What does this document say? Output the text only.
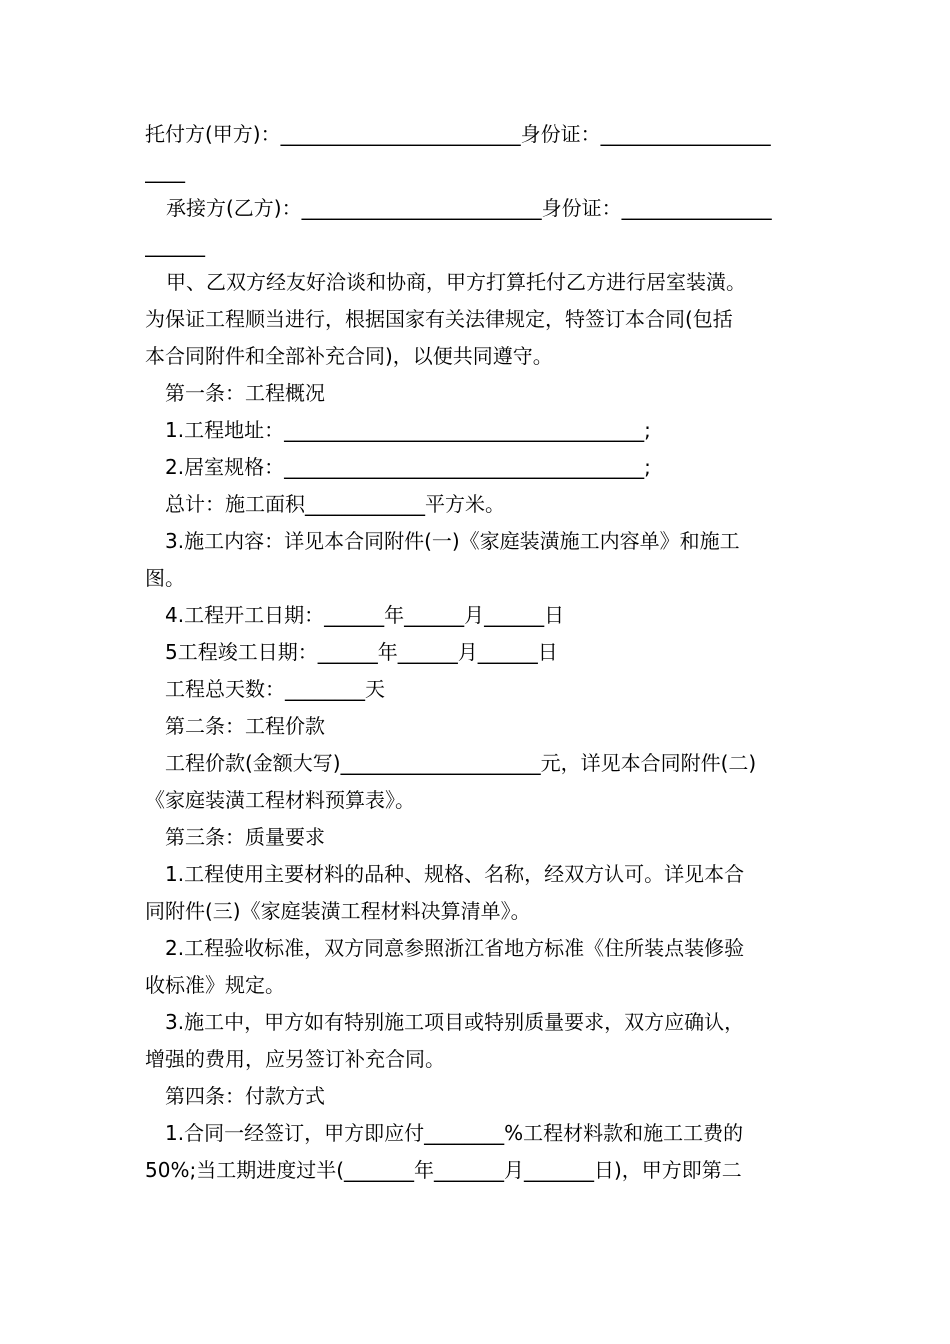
托付方(甲方)：________________________身份证：_________________
____
承接方(乙方)：________________________身份证：_______________
______
甲、乙双方经友好洽谈和协商，甲方打算托付乙方进行居室装潢。
为保证工程顺当进行，根据国家有关法律规定，特签订本合同(包括
本合同附件和全部补充合同)，以便共同遵守。
第一条：工程概况
1.工程地址：____________________________________;
2.居室规格：____________________________________;
总计：施工面积____________平方米。
3.施工内容：详见本合同附件(一)《家庭装潢施工内容单》和施工
图。
4.工程开工日期：______年______月______日
5工程竣工日期：______年______月______日
工程总天数：________天
第二条：工程价款
工程价款(金额大写)____________________元，详见本合同附件(二)
《家庭装潢工程材料预算表》。
第三条：质量要求
1.工程使用主要材料的品种、规格、名称，经双方认可。详见本合
同附件(三)《家庭装潢工程材料决算清单》。
2.工程验收标准，双方同意参照浙江省地方标准《住所装点装修验
收标准》规定。
3.施工中，甲方如有特别施工项目或特别质量要求，双方应确认，
增强的费用，应另签订补充合同。
第四条：付款方式
1.合同一经签订，甲方即应付________%工程材料款和施工工费的
50%;当工期进度过半(_______年_______月_______日)，甲方即第二
